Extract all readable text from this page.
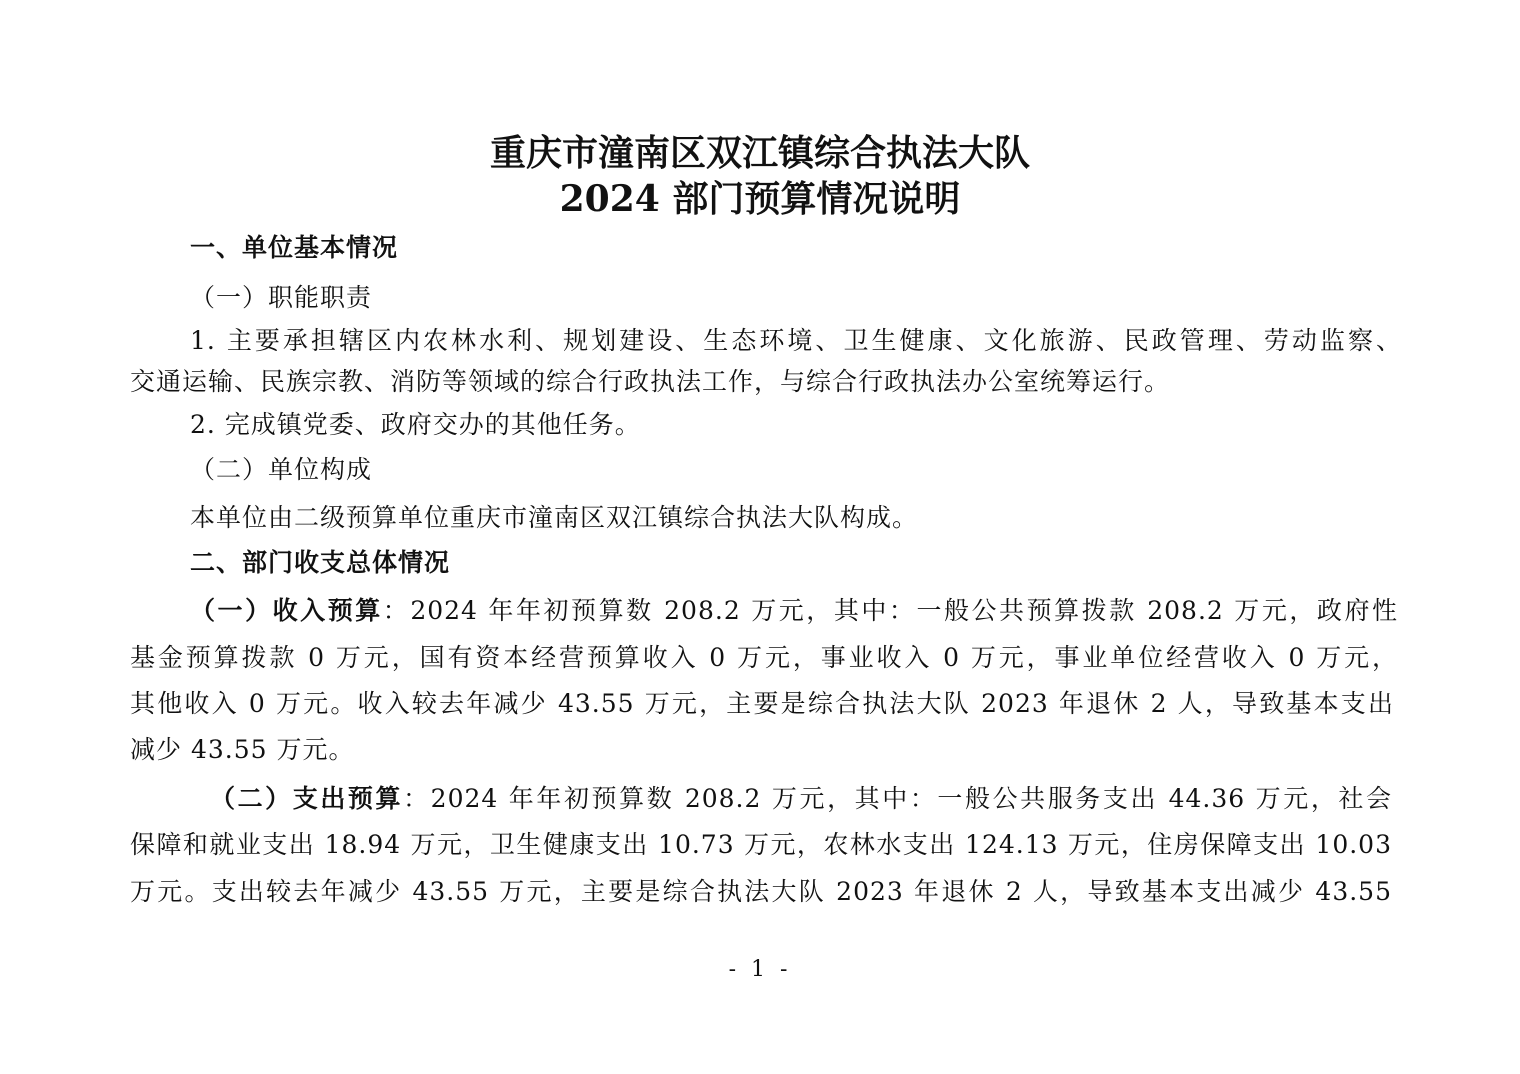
重庆市潼南区双江镇综合执法大队
2024 部门预算情况说明
一、单位基本情况
（一）职能职责
1. 主要承担辖区内农林水利、规划建设、生态环境、卫生健康、文化旅游、民政管理、劳动监察、
交通运输、民族宗教、消防等领域的综合行政执法工作，与综合行政执法办公室统筹运行。
2. 完成镇党委、政府交办的其他任务。
（二）单位构成
本单位由二级预算单位重庆市潼南区双江镇综合执法大队构成。
二、部门收支总体情况
（一）收入预算：2024 年年初预算数 208.2 万元，其中：一般公共预算拨款 208.2 万元，政府性
基金预算拨款 0 万元，国有资本经营预算收入 0 万元，事业收入 0 万元，事业单位经营收入 0 万元，
其他收入 0 万元。收入较去年减少 43.55 万元，主要是综合执法大队 2023 年退休 2 人，导致基本支出
减少 43.55 万元。
（二）支出预算：2024 年年初预算数 208.2 万元，其中：一般公共服务支出 44.36 万元，社会
保障和就业支出 18.94 万元，卫生健康支出 10.73 万元，农林水支出 124.13 万元，住房保障支出 10.03
万元。支出较去年减少 43.55 万元，主要是综合执法大队 2023 年退休 2 人，导致基本支出减少 43.55
- 1 -
